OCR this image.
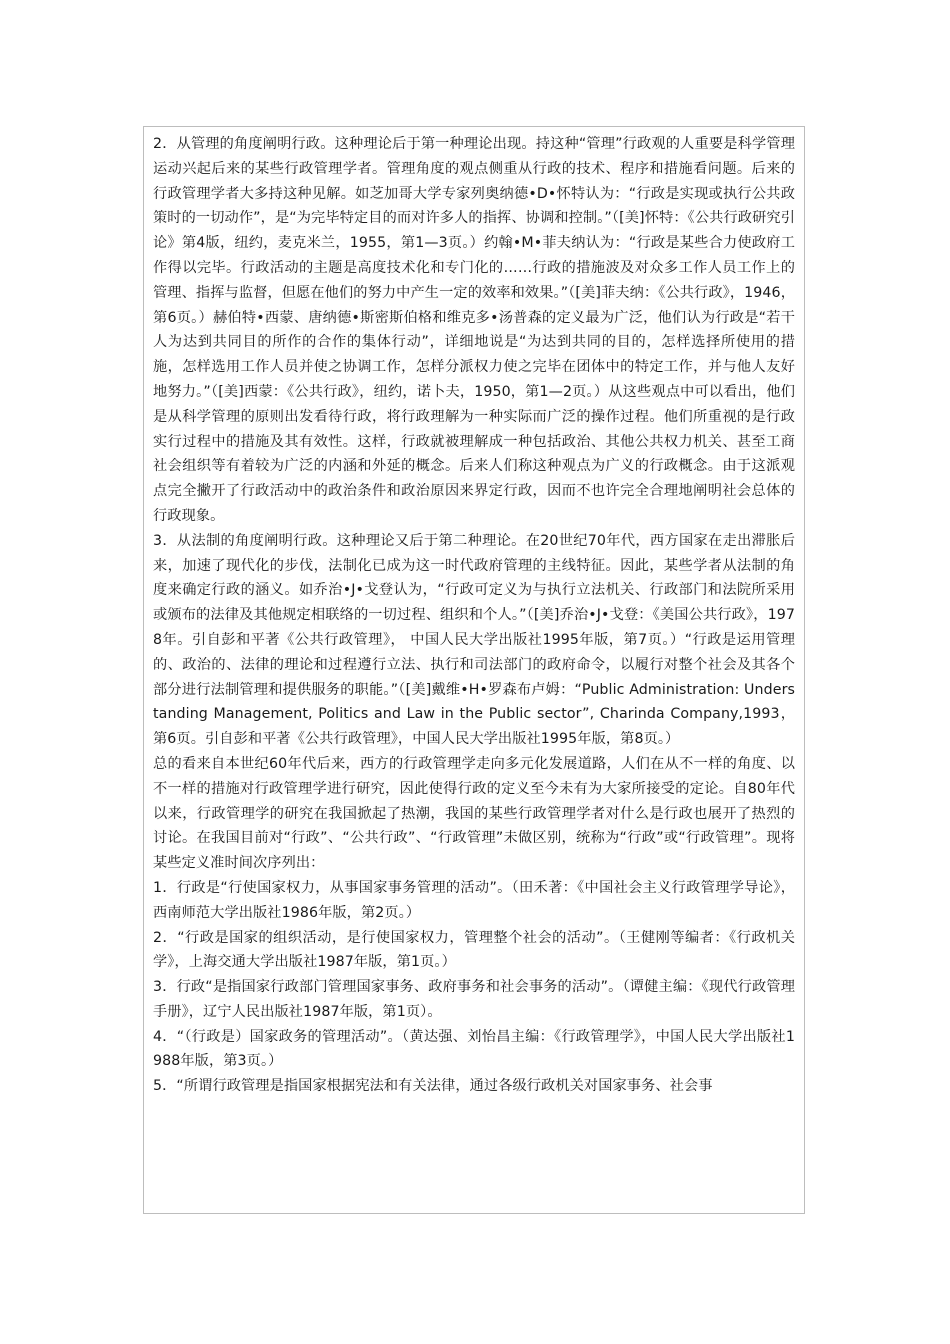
2．从管理的角度阐明行政。这种理论后于第一种理论出现。持这种“管理”行政观的人重要是科学管理运动兴起后来的某些行政管理学者。管理角度的观点侧重从行政的技术、程序和措施看问题。后来的行政管理学者大多持这种见解。如芝加哥大学专家列奥纳德•D•怀特认为：“行政是实现或执行公共政策时的一切动作”，是“为完毕特定目的而对许多人的指挥、协调和控制。”（[美]怀特：《公共行政研究引论》第4版，纽约，麦克米兰，1955，第1—3页。）约翰•M•菲夫纳认为：“行政是某些合力使政府工作得以完毕。行政活动的主题是高度技术化和专门化的……行政的措施波及对众多工作人员工作上的管理、指挥与监督，但愿在他们的努力中产生一定的效率和效果。”（[美]菲夫纳：《公共行政》，1946，第6页。）赫伯特•西蒙、唐纳德•斯密斯伯格和维克多•汤普森的定义最为广泛，他们认为行政是“若干人为达到共同目的所作的合作的集体行动”，详细地说是“为达到共同的目的，怎样选择所使用的措施，怎样选用工作人员并使之协调工作，怎样分派权力使之完毕在团体中的特定工作，并与他人友好地努力。”（[美]西蒙：《公共行政》，纽约，诺卜夫，1950，第1—2页。）从这些观点中可以看出，他们是从科学管理的原则出发看待行政，将行政理解为一种实际而广泛的操作过程。他们所重视的是行政实行过程中的措施及其有效性。这样，行政就被理解成一种包括政治、其他公共权力机关、甚至工商社会组织等有着较为广泛的内涵和外延的概念。后来人们称这种观点为广义的行政概念。由于这派观点完全撇开了行政活动中的政治条件和政治原因来界定行政，因而不也许完全合理地阐明社会总体的行政现象。

3．从法制的角度阐明行政。这种理论又后于第二种理论。在20世纪70年代，西方国家在走出滞胀后来，加速了现代化的步伐，法制化已成为这一时代政府管理的主线特征。因此，某些学者从法制的角度来确定行政的涵义。如乔治•J•戈登认为，“行政可定义为与执行立法机关、行政部门和法院所采用或颁布的法律及其他规定相联络的一切过程、组织和个人。”（[美]乔治•J•戈登：《美国公共行政》，1978年。引自彭和平著《公共行政管理》， 中国人民大学出版社1995年版，第7页。）“行政是运用管理的、政治的、法律的理论和过程遵行立法、执行和司法部门的政府命令，以履行对整个社会及其各个部分进行法制管理和提供服务的职能。”（[美]戴维•H•罗森布卢姆：“Public Administration: Understanding Management, Politics and Law in the Public sector”, Charinda Company,1993，第6页。引自彭和平著《公共行政管理》，中国人民大学出版社1995年版，第8页。）

总的看来自本世纪60年代后来，西方的行政管理学走向多元化发展道路，人们在从不一样的角度、以不一样的措施对行政管理学进行研究，因此使得行政的定义至今未有为大家所接受的定论。自80年代以来，行政管理学的研究在我国掀起了热潮，我国的某些行政管理学者对什么是行政也展开了热烈的讨论。在我国目前对“行政”、“公共行政”、“行政管理”未做区别，统称为“行政”或“行政管理”。现将某些定义准时间次序列出：

1．行政是“行使国家权力，从事国家事务管理的活动”。（田禾著：《中国社会主义行政管理学导论》，西南师范大学出版社1986年版，第2页。）

2．“行政是国家的组织活动，是行使国家权力，管理整个社会的活动”。（王健刚等编者：《行政机关学》，上海交通大学出版社1987年版，第1页。）

3．行政“是指国家行政部门管理国家事务、政府事务和社会事务的活动”。（谭健主编：《现代行政管理手册》，辽宁人民出版社1987年版，第1页）。

4．“（行政是）国家政务的管理活动”。（黄达强、刘怡昌主编：《行政管理学》，中国人民大学出版社1988年版，第3页。）

5．“所谓行政管理是指国家根据宪法和有关法律，通过各级行政机关对国家事务、社会事
